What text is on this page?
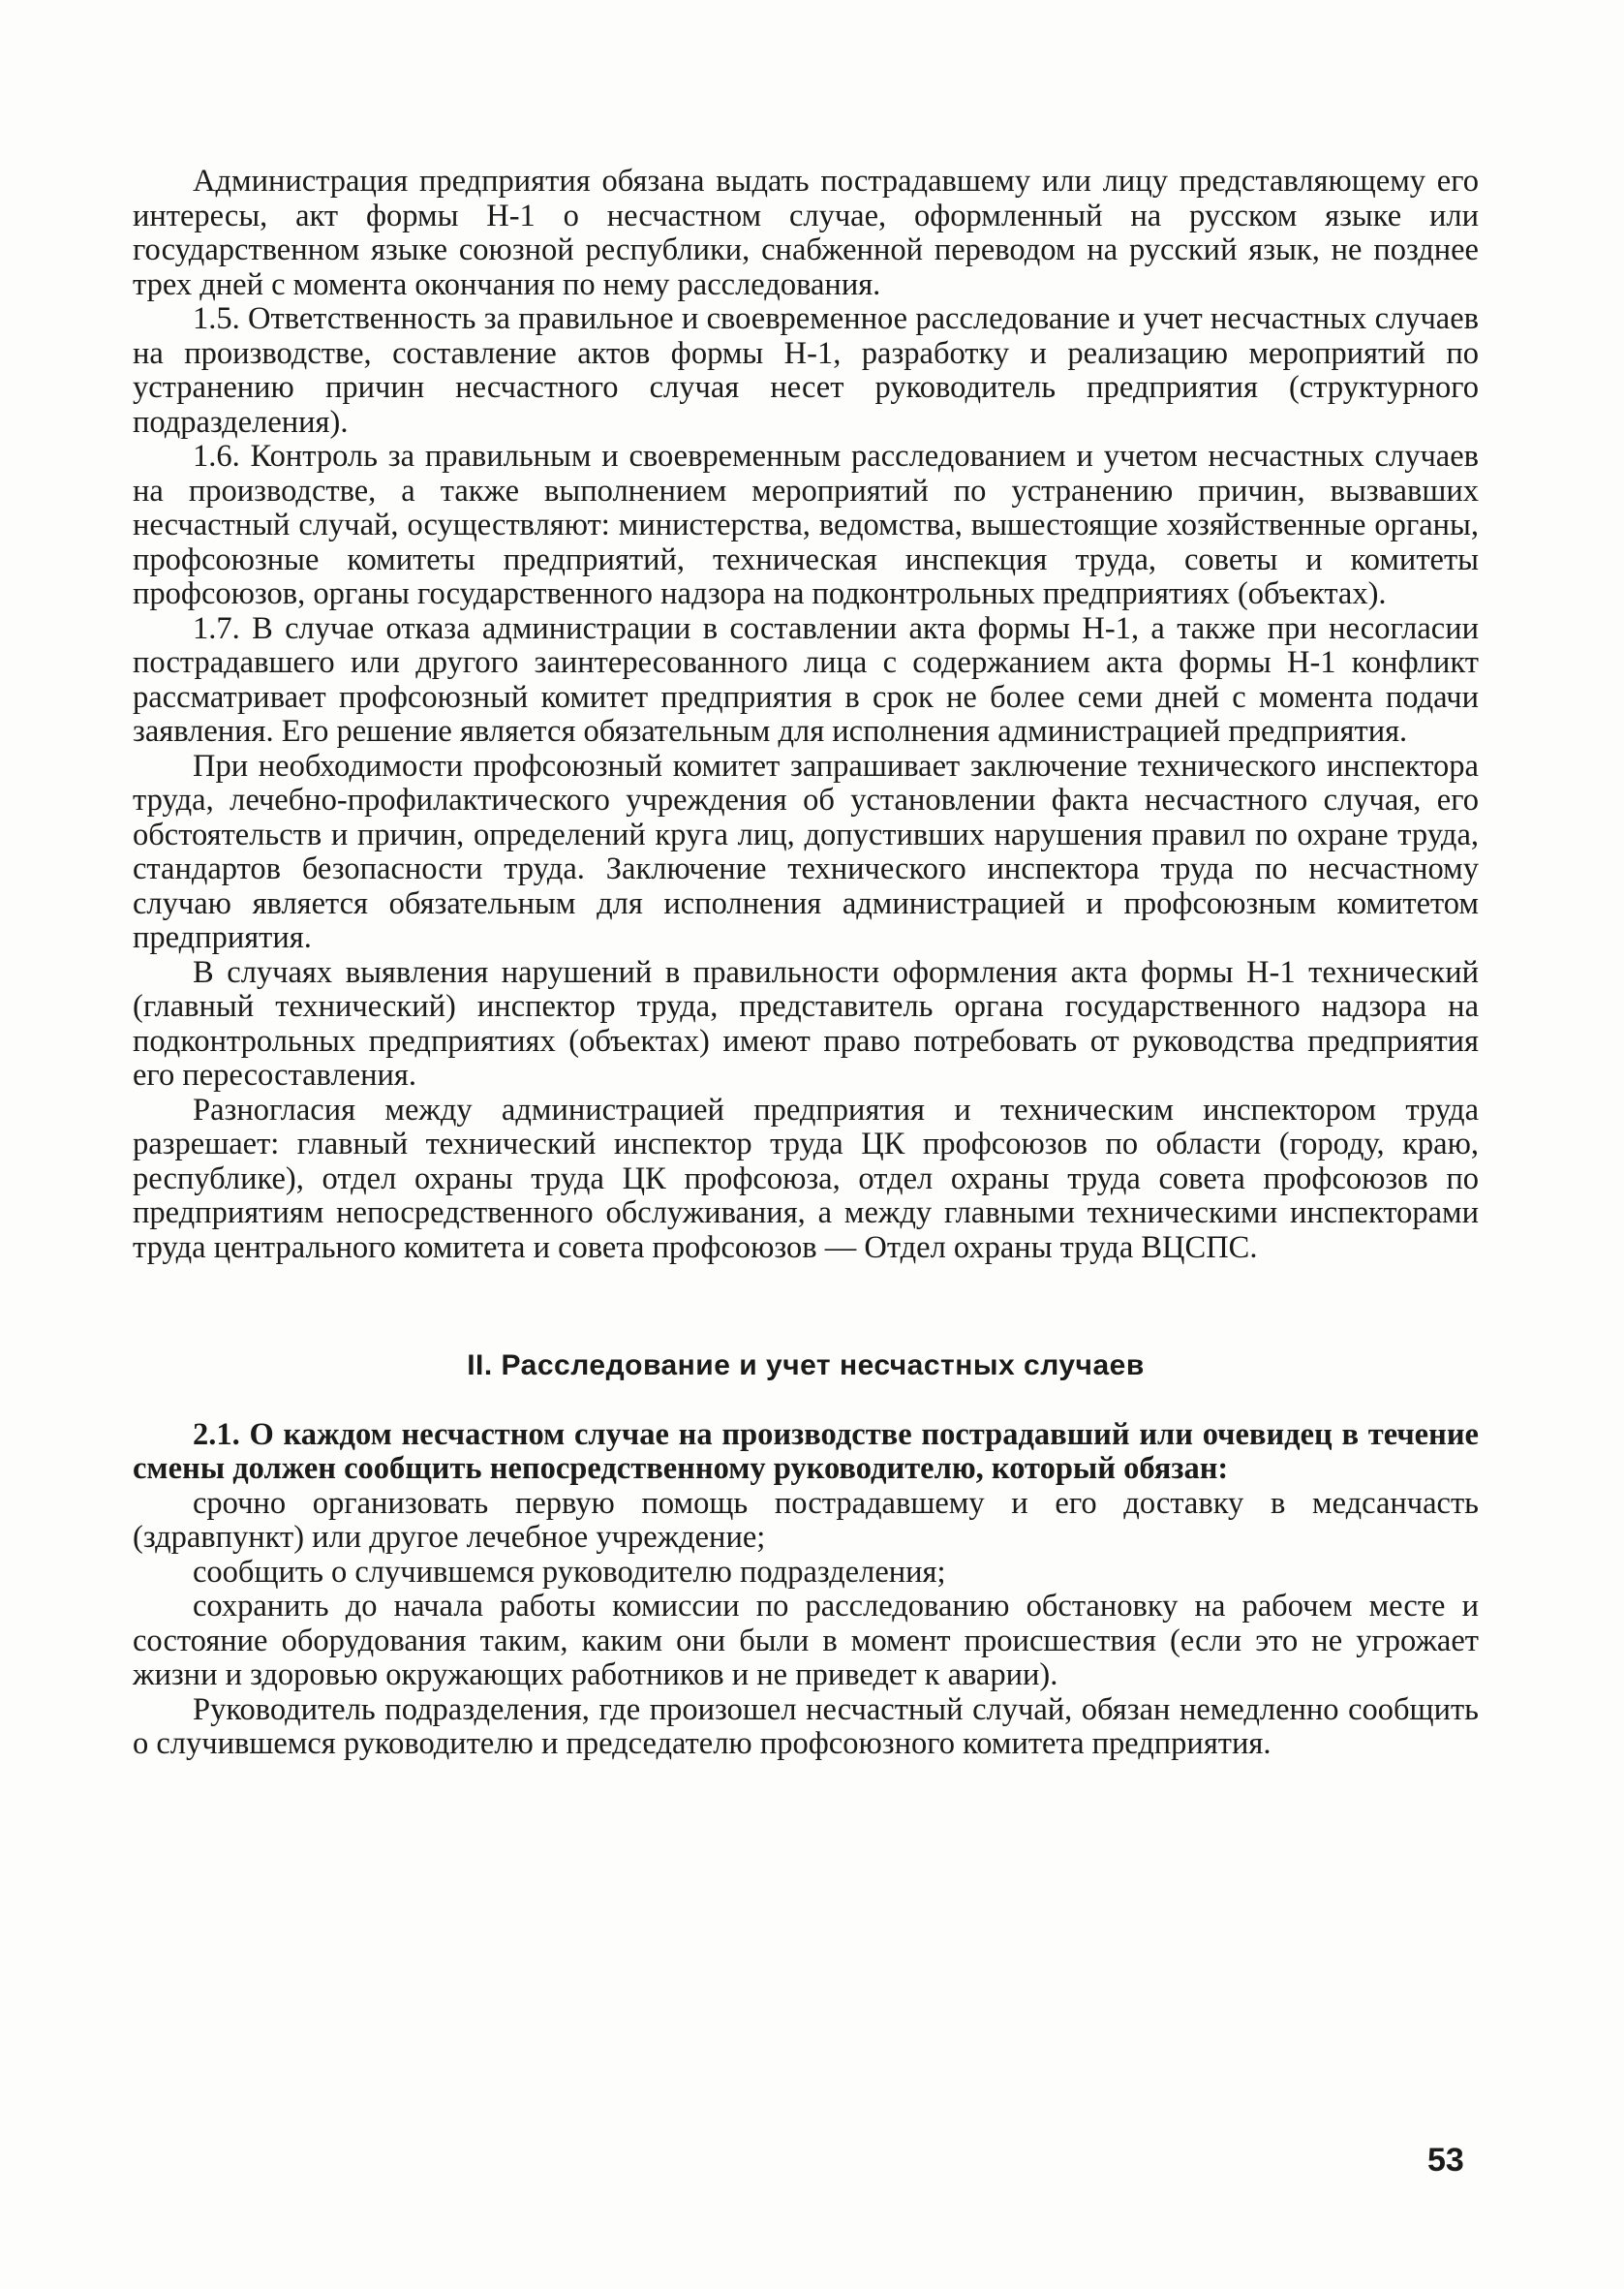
Администрация предприятия обязана выдать пострадавшему или лицу представляющему его интересы, акт формы Н-1 о несчастном случае, оформленный на русском языке или государственном языке союзной республики, снабженной переводом на русский язык, не позднее трех дней с момента окончания по нему расследования.

1.5. Ответственность за правильное и своевременное расследование и учет несчастных случаев на производстве, составление актов формы Н-1, разработку и реализацию мероприятий по устранению причин несчастного случая несет руководитель предприятия (структурного подразделения).

1.6. Контроль за правильным и своевременным расследованием и учетом несчастных случаев на производстве, а также выполнением мероприятий по устранению причин, вызвавших несчастный случай, осуществляют: министерства, ведомства, вышестоящие хозяйственные органы, профсоюзные комитеты предприятий, техническая инспекция труда, советы и комитеты профсоюзов, органы государственного надзора на подконтрольных предприятиях (объектах).

1.7. В случае отказа администрации в составлении акта формы Н-1, а также при несогласии пострадавшего или другого заинтересованного лица с содержанием акта формы Н-1 конфликт рассматривает профсоюзный комитет предприятия в срок не более семи дней с момента подачи заявления. Его решение является обязательным для исполнения администрацией предприятия.

При необходимости профсоюзный комитет запрашивает заключение технического инспектора труда, лечебно-профилактического учреждения об установлении факта несчастного случая, его обстоятельств и причин, определений круга лиц, допустивших нарушения правил по охране труда, стандартов безопасности труда. Заключение технического инспектора труда по несчастному случаю является обязательным для исполнения администрацией и профсоюзным комитетом предприятия.

В случаях выявления нарушений в правильности оформления акта формы Н-1 технический (главный технический) инспектор труда, представитель органа государственного надзора на подконтрольных предприятиях (объектах) имеют право потребовать от руководства предприятия его пересоставления.

Разногласия между администрацией предприятия и техническим инспектором труда разрешает: главный технический инспектор труда ЦК профсоюзов по области (городу, краю, республике), отдел охраны труда ЦК профсоюза, отдел охраны труда совета профсоюзов по предприятиям непосредственного обслуживания, а между главными техническими инспекторами труда центрального комитета и совета профсоюзов — Отдел охраны труда ВЦСПС.

II. Расследование и учет несчастных случаев

2.1. О каждом несчастном случае на производстве пострадавший или очевидец в течение смены должен сообщить непосредственному руководителю, который обязан:

срочно организовать первую помощь пострадавшему и его доставку в медсанчасть (здравпункт) или другое лечебное учреждение;

сообщить о случившемся руководителю подразделения;

сохранить до начала работы комиссии по расследованию обстановку на рабочем месте и состояние оборудования таким, каким они были в момент происшествия (если это не угрожает жизни и здоровью окружающих работников и не приведет к аварии).

Руководитель подразделения, где произошел несчастный случай, обязан немедленно сообщить о случившемся руководителю и председателю профсоюзного комитета предприятия.

53
